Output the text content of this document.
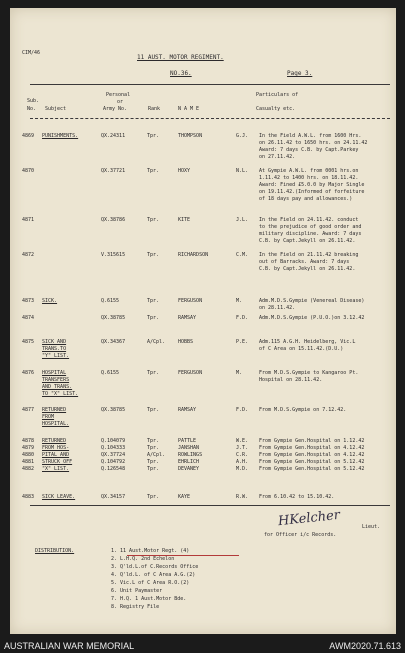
CIM/46
11 AUST. MOTOR REGIMENT.
NO.36.	Page 3.
Sub.
No. Subject
Personal
or
Army No.	Rank	N A M E
Particulars of
Casualty etc.
4869 PUNISHMENTS.	QX.24311	Tpr.	THOMPSON	G.J. In the Field A.W.L. from 1600 Hrs.
on 26.11.42 to 1650 hrs. on 24.11.42
Award: 7 days C.B. by Capt.Parkey
on 27.11.42.
4870	QX.37721	Tpr.	HOXY	N.L. At Gympie A.W.L. from 0001 hrs.on
1.11.42 to 1400 hrs. on 18.11.42.
Award: Fined £5.0.0 by Major Single
on 19.11.42.(Informed of forfeiture
of 18 days pay and allowances.)
4871	QX.38786	Tpr.	KITE	J.L. In the Field on 24.11.42. conduct
to the prejudice of good order and
military discipline. Award: 7 days
C.B. by Capt.Jekyll on 26.11.42.
4872	V.315615	Tpr.	RICHARDSON	C.M. In the Field on 21.11.42 breaking
out of Barracks. Award: 7 days
C.B. by Capt.Jekyll on 26.11.42.
4873 SICK.	Q.6155	Tpr.	FERGUSON	M.	Adm.M.D.S.Gympie (Venereal Disease)
on 28.11.42.
4874	QX.38785	Tpr.	RAMSAY	F.D. Adm.M.D.S.Gympie (P.U.O.)on 3.12.42
4875 SICK AND
TRANS.TO
"Y" LIST.
QX.34367	A/Cpl.	HOBBS	P.E. Adm.115 A.G.H. Heidelberg, Vic.L
of C Area on 15.11.42.(D.U.)
4876 HOSPITAL
TRANSFERS
AND TRANS.
TO "X" LIST.
Q.6155	Tpr.	FERGUSON	M.	From M.D.S.Gympie to Kangaroo Pt.
Hospital on 28.11.42.
4877 RETURNED
FROM
HOSPITAL.
QX.38785	Tpr.	RAMSAY	F.D. From M.D.S.Gympie on 7.12.42.
4878 RETURNED	Q.104079	Tpr.	PATTLE	W.E. From Gympie Gen.Hospital on 1.12.42
4879 FROM HOS-	Q.104333	Tpr.	JANSHAN	J.T. From Gympie Gen.Hospital on 4.12.42
4880 PITAL AND	QX.37724	A/Cpl.	ROWLINGS	C.R. From Gympie Gen.Hospital on 4.12.42
4881 STRUCK OFF	Q.104792	Tpr.	EHRLICH	A.H. From Gympie Gen.Hospital on 5.12.42
4882 "X" LIST.	Q.126548	Tpr.	DEVANEY	M.D. From Gympie Gen.Hospital on 5.12.42
4883 SICK LEAVE.	QX.34157	Tpr.	KAYE	R.W. From 6.10.42 to 15.10.42.
HKelcher	Lieut.
for Officer i/c Records.
DISTRIBUTION.	1. 11 Aust.Motor Regt. (4)
2. L.H.Q. 2nd Echelon
3. Q'ld.L.of C.Records Office
4. Q'ld.L. of C Area A.G.(2)
5. Vic.L of C Area R.O.(2)
6. Unit Paymaster
7. H.Q. 1 Aust.Motor Bde.
8. Registry File
AUSTRALIAN WAR MEMORIAL	AWM2020.71.613
